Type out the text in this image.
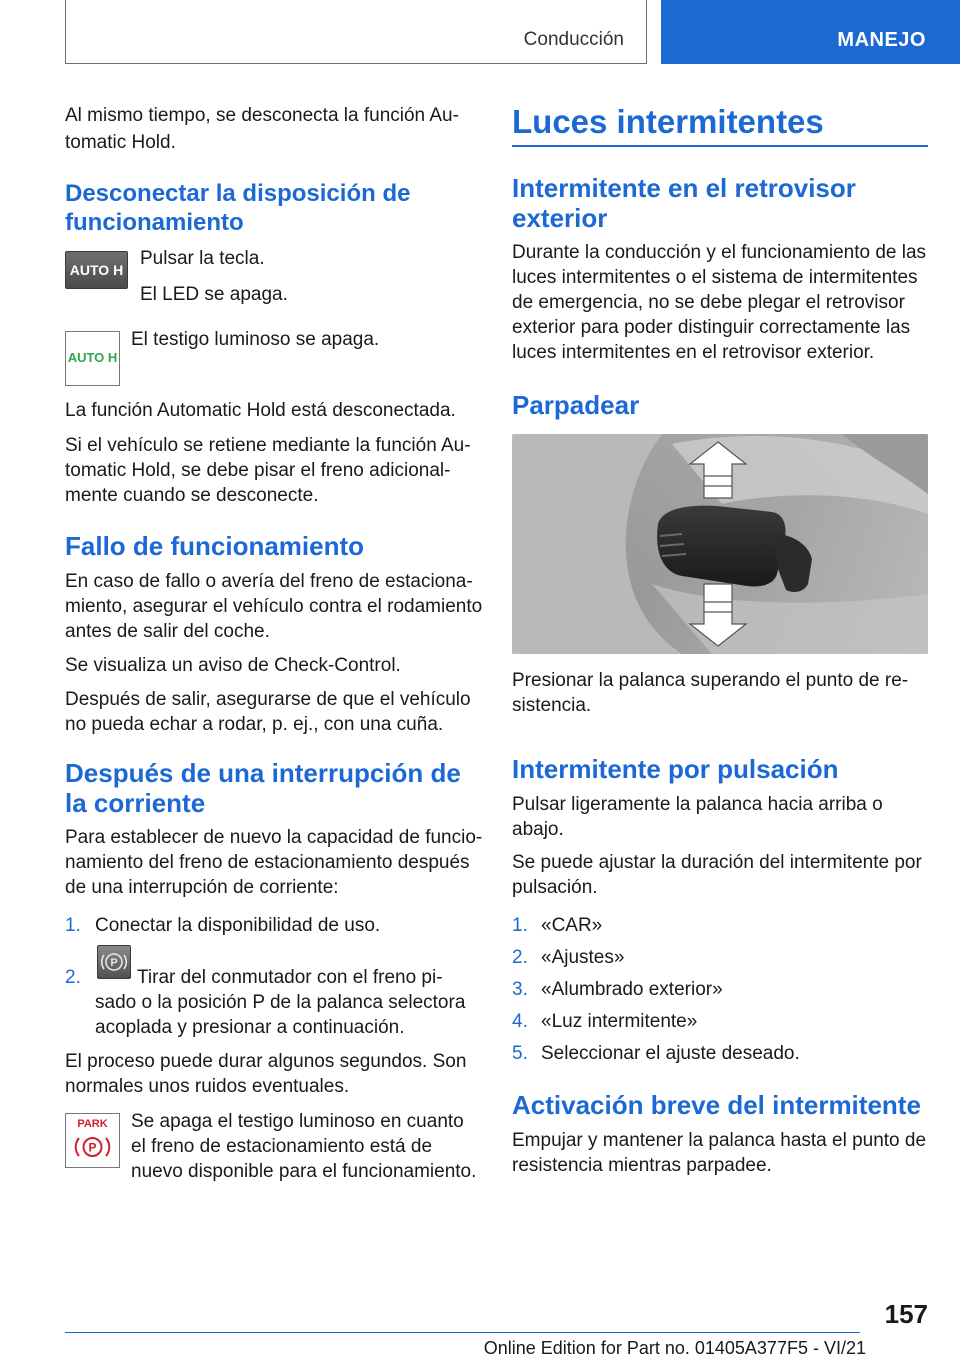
Conducción	MANEJO
Al mismo tiempo, se desconecta la función Au-
tomatic Hold.
Desconectar la disposición de
funcionamiento
AUTO H
Pulsar la tecla.
El LED se apaga.
AUTO H
El testigo luminoso se apaga.
La función Automatic Hold está desconectada.
Si el vehículo se retiene mediante la función Au-
tomatic Hold, se debe pisar el freno adicional-
mente cuando se desconecte.
Fallo de funcionamiento
En caso de fallo o avería del freno de estaciona-
miento, asegurar el vehículo contra el rodamiento
antes de salir del coche.
Se visualiza un aviso de Check-Control.
Después de salir, asegurarse de que el vehículo
no pueda echar a rodar, p. ej., con una cuña.
Después de una interrupción de
la corriente
Para establecer de nuevo la capacidad de funcio-
namiento del freno de estacionamiento después
de una interrupción de corriente:
1. Conectar la disponibilidad de uso.
2.
P
Tirar del conmutador con el freno pi-
sado o la posición P de la palanca selectora
acoplada y presionar a continuación.
El proceso puede durar algunos segundos. Son
normales unos ruidos eventuales.
PARK
P
Se apaga el testigo luminoso en cuanto
el freno de estacionamiento está de
nuevo disponible para el funcionamiento.
Luces intermitentes
Intermitente en el retrovisor
exterior
Durante la conducción y el funcionamiento de las
luces intermitentes o el sistema de intermitentes
de emergencia, no se debe plegar el retrovisor
exterior para poder distinguir correctamente las
luces intermitentes en el retrovisor exterior.
Parpadear
Presionar la palanca superando el punto de re-
sistencia.
Intermitente por pulsación
Pulsar ligeramente la palanca hacia arriba o
abajo.
Se puede ajustar la duración del intermitente por
pulsación.
1. «CAR»
2. «Ajustes»
3. «Alumbrado exterior»
4. «Luz intermitente»
5. Seleccionar el ajuste deseado.
Activación breve del intermitente
Empujar y mantener la palanca hasta el punto de
resistencia mientras parpadee.
157
Online Edition for Part no. 01405A377F5 - VI/21
